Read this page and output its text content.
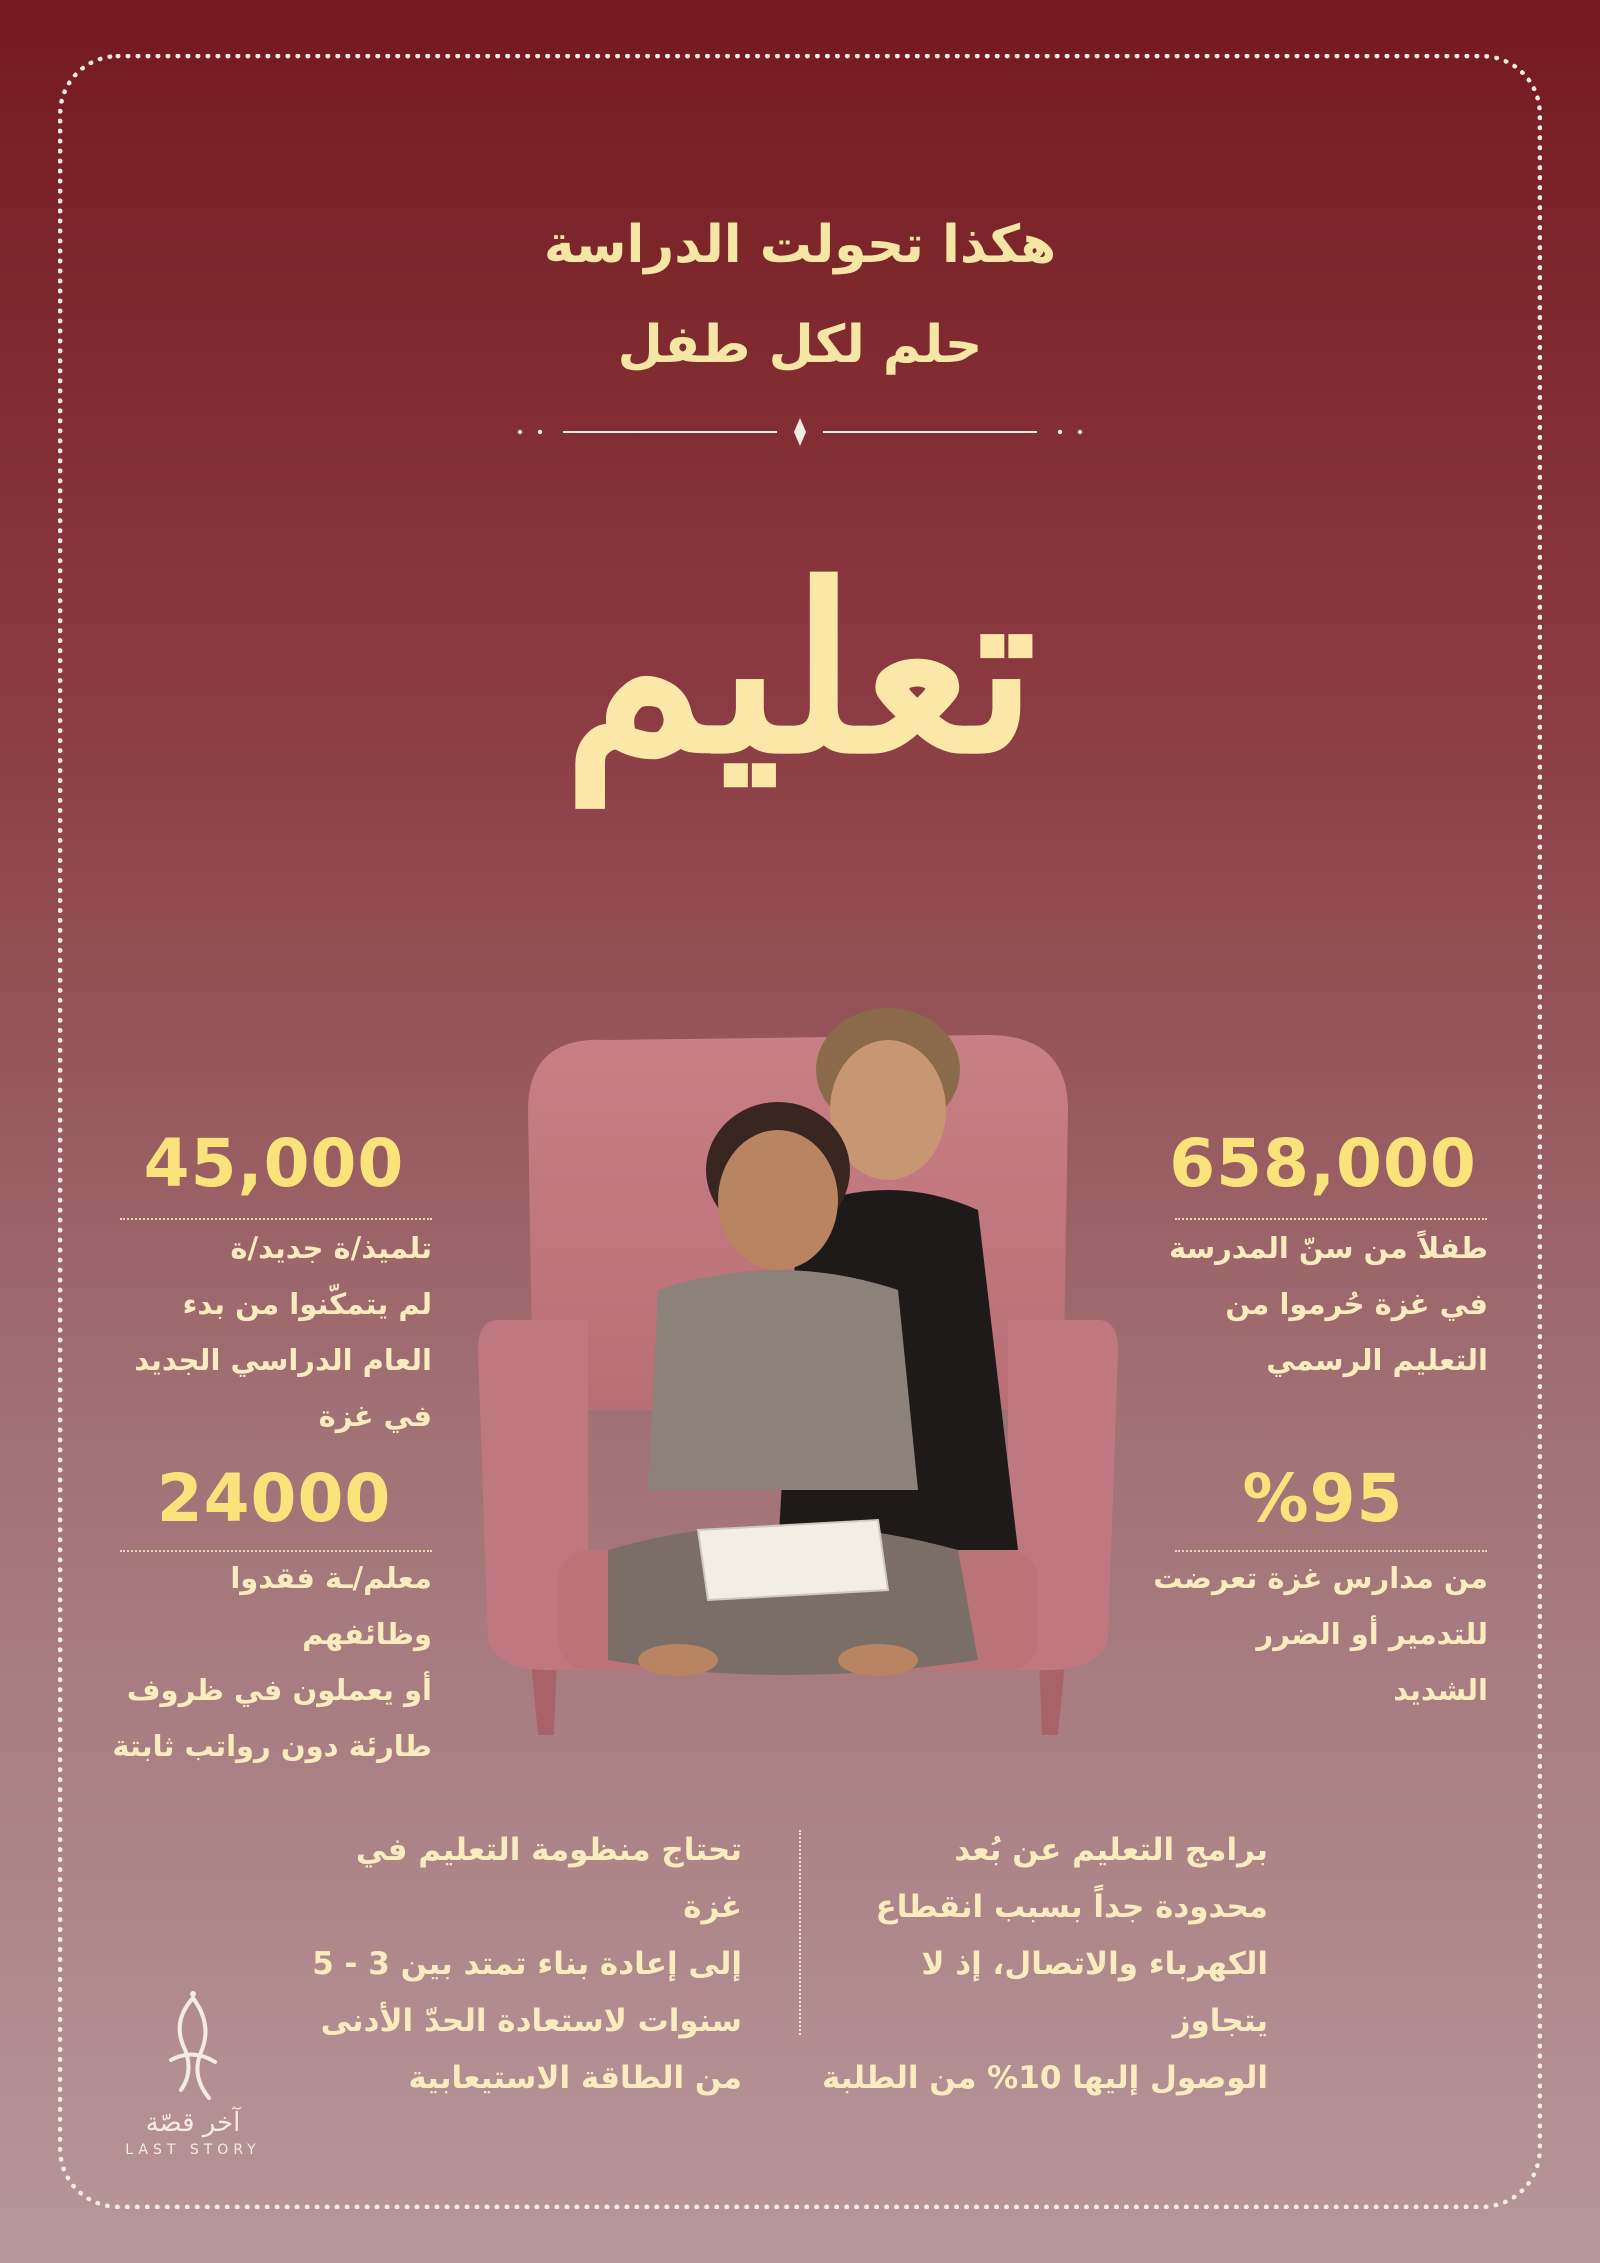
هكذا تحولت الدراسة
حلم لكل طفل
تعليم
658,000
طفلاً من سنّ المدرسة
في غزة حُرموا من
التعليم الرسمي
%95
من مدارس غزة تعرضت
للتدمير أو الضرر
الشديد
45,000
تلميذ/ة جديد/ة
لم يتمكّنوا من بدء
العام الدراسي الجديد
في غزة
24000
معلم/ـة فقدوا وظائفهم
أو يعملون في ظروف
طارئة دون رواتب ثابتة
برامج التعليم عن بُعد
محدودة جداً بسبب انقطاع
الكهرباء والاتصال، إذ لا يتجاوز
الوصول إليها 10% من الطلبة
تحتاج منظومة التعليم في غزة
إلى إعادة بناء تمتد بين 3 - 5
سنوات لاستعادة الحدّ الأدنى
من الطاقة الاستيعابية
آخر قصّة
LAST STORY
